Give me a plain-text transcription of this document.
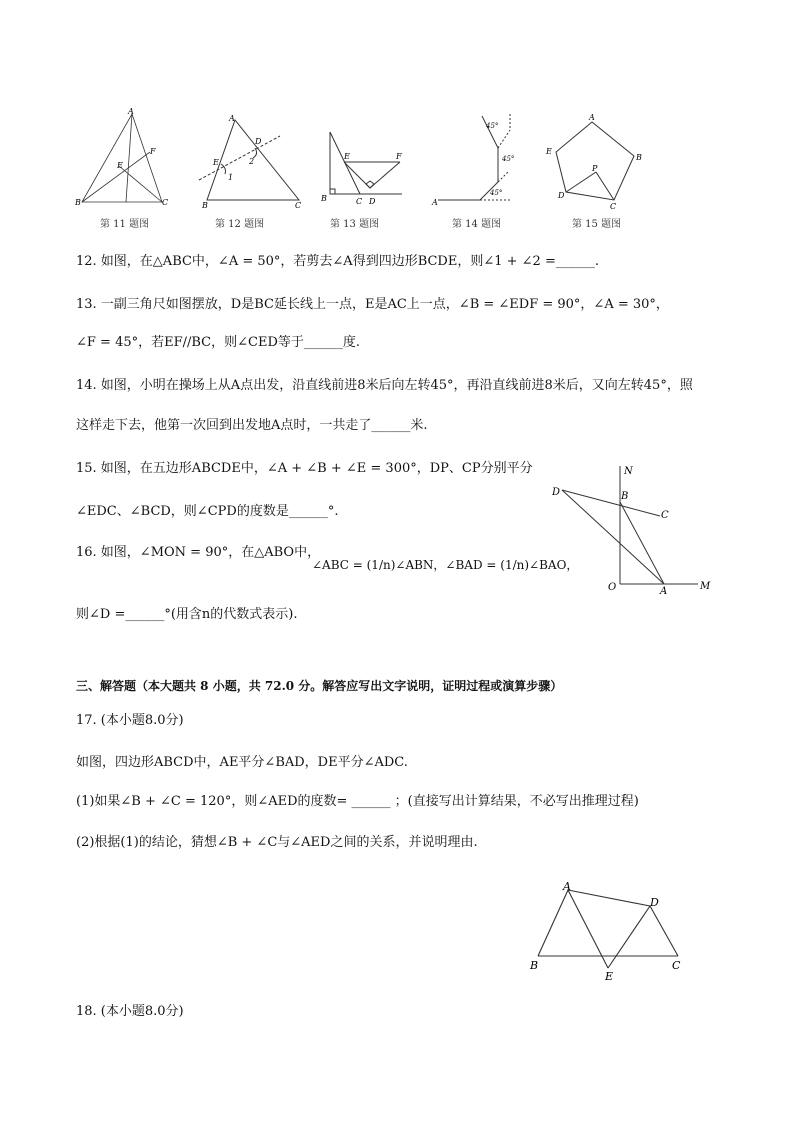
A
B	C
E
F
第 11 题图
A
B	C
D
E
1
2
第 12 题图
B	C D
E	F
第 13 题图
A
45°
45°
45°
第 14 题图
A
B
C
D
E
P
第 15 题图
12. 如图，在△ABC中，∠A = 50°，若剪去∠A得到四边形BCDE，则∠1 + ∠2 =______.
13. 一副三角尺如图摆放，D是BC延长线上一点，E是AC上一点，∠B = ∠EDF = 90°，∠A = 30°，
∠F = 45°，若EF//BC，则∠CED等于______度.
14. 如图，小明在操场上从A点出发，沿直线前进8米后向左转45°，再沿直线前进8米后，又向左转45°，照
这样走下去，他第一次回到出发地A点时，一共走了______米.
15. 如图，在五边形ABCDE中，∠A + ∠B + ∠E = 300°，DP、CP分别平分
∠EDC、∠BCD，则∠CPD的度数是______°.
16. 如图，∠MON = 90°，在△ABO中，
∠ABC = (1/n)∠ABN，∠BAD = (1/n)∠BAO，
则∠D =______°(用含n的代数式表示).
N
D	B
C
O	A	M
三、解答题（本大题共 8 小题，共 72.0 分。解答应写出文字说明，证明过程或演算步骤）
17. (本小题8.0分)
如图，四边形ABCD中，AE平分∠BAD，DE平分∠ADC.
(1)如果∠B + ∠C = 120°，则∠AED的度数= ______ ；(直接写出计算结果，不必写出推理过程)
(2)根据(1)的结论，猜想∠B + ∠C与∠AED之间的关系，并说明理由.
A
D
B
E
C
18. (本小题8.0分)
